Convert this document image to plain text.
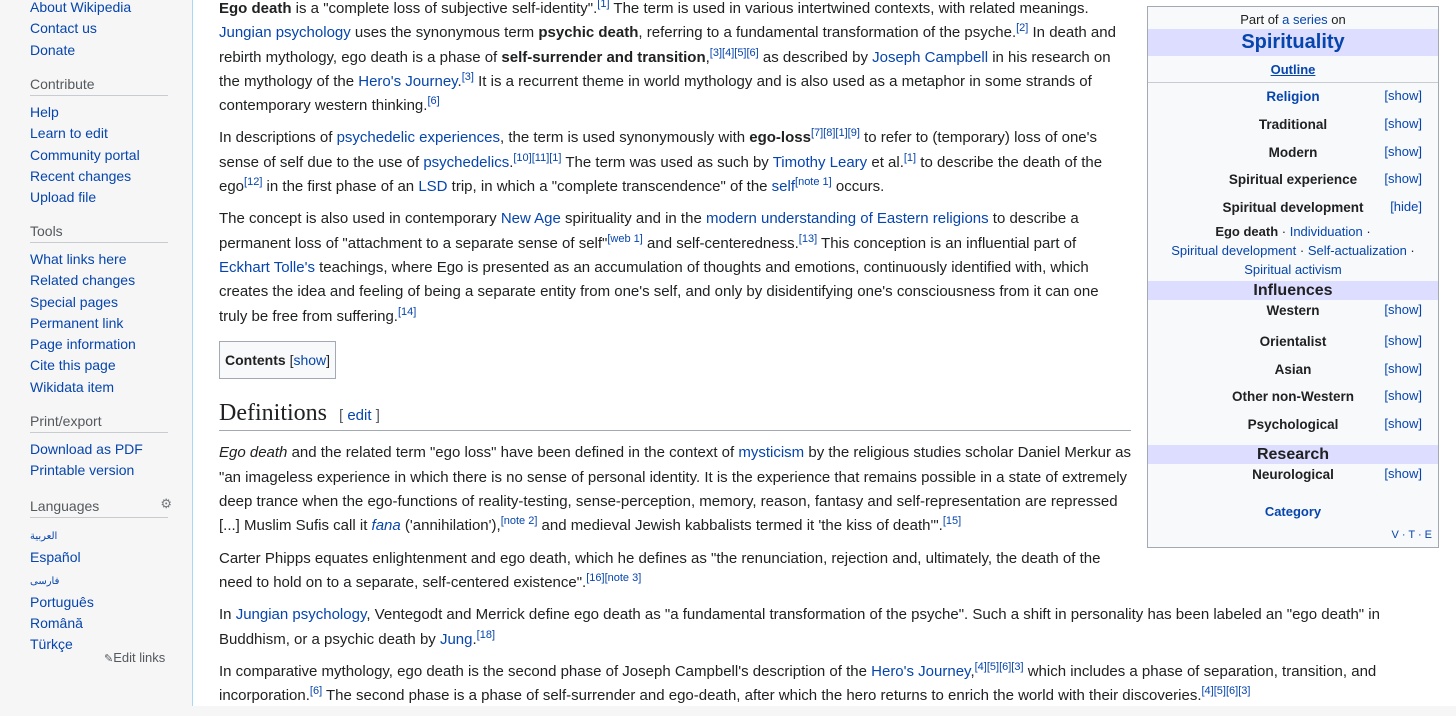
About Wikipedia
Contact us
Donate
Contribute
Help
Learn to edit
Community portal
Recent changes
Upload file
Tools
What links here
Related changes
Special pages
Permanent link
Page information
Cite this page
Wikidata item
Print/export
Download as PDF
Printable version
Languages	⚙
العربية
Español
فارسی
Português
Română
Türkçe
✎Edit links

Ego death is a "complete loss of subjective self-identity".[1] The term is used in various intertwined contexts, with related meanings. Jungian psychology uses the synonymous term psychic death, referring to a fundamental transformation of the psyche.[2] In death and rebirth mythology, ego death is a phase of self-surrender and transition,[3][4][5][6] as described by Joseph Campbell in his research on the mythology of the Hero's Journey.[3] It is a recurrent theme in world mythology and is also used as a metaphor in some strands of contemporary western thinking.[6]

In descriptions of psychedelic experiences, the term is used synonymously with ego-loss[7][8][1][9] to refer to (temporary) loss of one's sense of self due to the use of psychedelics.[10][11][1] The term was used as such by Timothy Leary et al.[1] to describe the death of the ego[12] in the first phase of an LSD trip, in which a "complete transcendence" of the self[note 1] occurs.

The concept is also used in contemporary New Age spirituality and in the modern understanding of Eastern religions to describe a permanent loss of "attachment to a separate sense of self"[web 1] and self-centeredness.[13] This conception is an influential part of Eckhart Tolle's teachings, where Ego is presented as an accumulation of thoughts and emotions, continuously identified with, which creates the idea and feeling of being a separate entity from one's self, and only by disidentifying one's consciousness from it can one truly be free from suffering.[14]

Contents [show]
Definitions [ edit ]

Ego death and the related term "ego loss" have been defined in the context of mysticism by the religious studies scholar Daniel Merkur as "an imageless experience in which there is no sense of personal identity. It is the experience that remains possible in a state of extremely deep trance when the ego-functions of reality-testing, sense-perception, memory, reason, fantasy and self-representation are repressed [...] Muslim Sufis call it fana ('annihilation'),[note 2] and medieval Jewish kabbalists termed it 'the kiss of death'".[15]

Carter Phipps equates enlightenment and ego death, which he defines as "the renunciation, rejection and, ultimately, the death of the need to hold on to a separate, self-centered existence".[16][note 3]

In Jungian psychology, Ventegodt and Merrick define ego death as "a fundamental transformation of the psyche". Such a shift in personality has been labeled an "ego death" in Buddhism, or a psychic death by Jung.[18]

In comparative mythology, ego death is the second phase of Joseph Campbell's description of the Hero's Journey,[4][5][6][3] which includes a phase of separation, transition, and incorporation.[6] The second phase is a phase of self-surrender and ego-death, after which the hero returns to enrich the world with their discoveries.[4][5][6][3]

Part of a series on
Spirituality
Outline
Religion	[show]
Traditional	[show]
Modern	[show]
Spiritual experience [show]
Spiritual development [hide]
Ego death · Individuation ·
Spiritual development · Self-actualization ·
Spiritual activism
Influences
Western	[show]
Orientalist	[show]
Asian	[show]
Other non-Western [show]
Psychological	[show]
Research
Neurological	[show]
Category
V · T · E
